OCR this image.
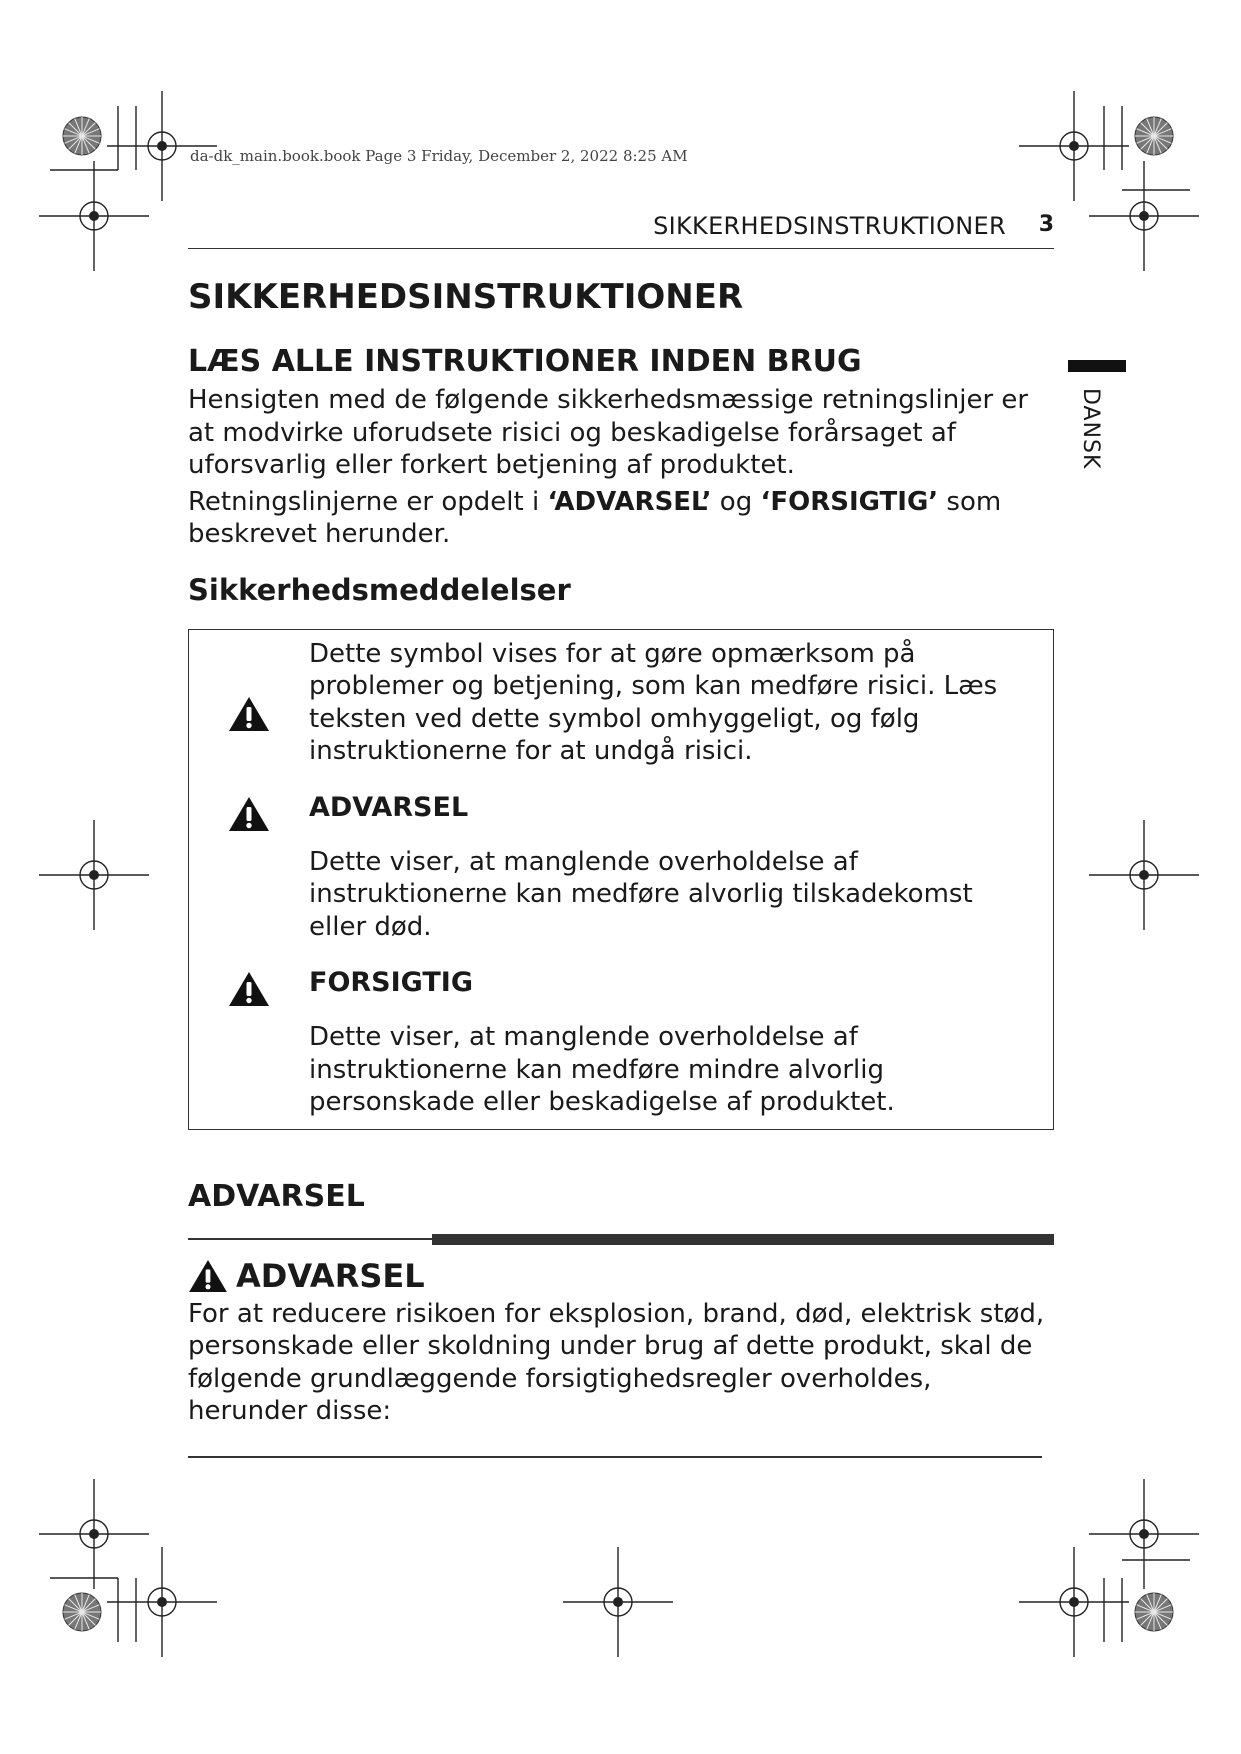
da-dk_main.book.book Page 3 Friday, December 2, 2022 8:25 AM
SIKKERHEDSINSTRUKTIONER 3
DANSK
SIKKERHEDSINSTRUKTIONER
LÆS ALLE INSTRUKTIONER INDEN BRUG

Hensigten med de følgende sikkerhedsmæssige retningslinjer er at modvirke uforudsete risici og beskadigelse forårsaget af uforsvarlig eller forkert betjening af produktet.

Retningslinjerne er opdelt i ‘ADVARSEL’ og ‘FORSIGTIG’ som beskrevet herunder.

Sikkerhedsmeddelelser

Dette symbol vises for at gøre opmærksom på problemer og betjening, som kan medføre risici. Læs teksten ved dette symbol omhyggeligt, og følg instruktionerne for at undgå risici.

ADVARSEL

Dette viser, at manglende overholdelse af instruktionerne kan medføre alvorlig tilskadekomst eller død.

FORSIGTIG

Dette viser, at manglende overholdelse af instruktionerne kan medføre mindre alvorlig personskade eller beskadigelse af produktet.

ADVARSEL
ADVARSEL

For at reducere risikoen for eksplosion, brand, død, elektrisk stød, personskade eller skoldning under brug af dette produkt, skal de følgende grundlæggende forsigtighedsregler overholdes, herunder disse:
